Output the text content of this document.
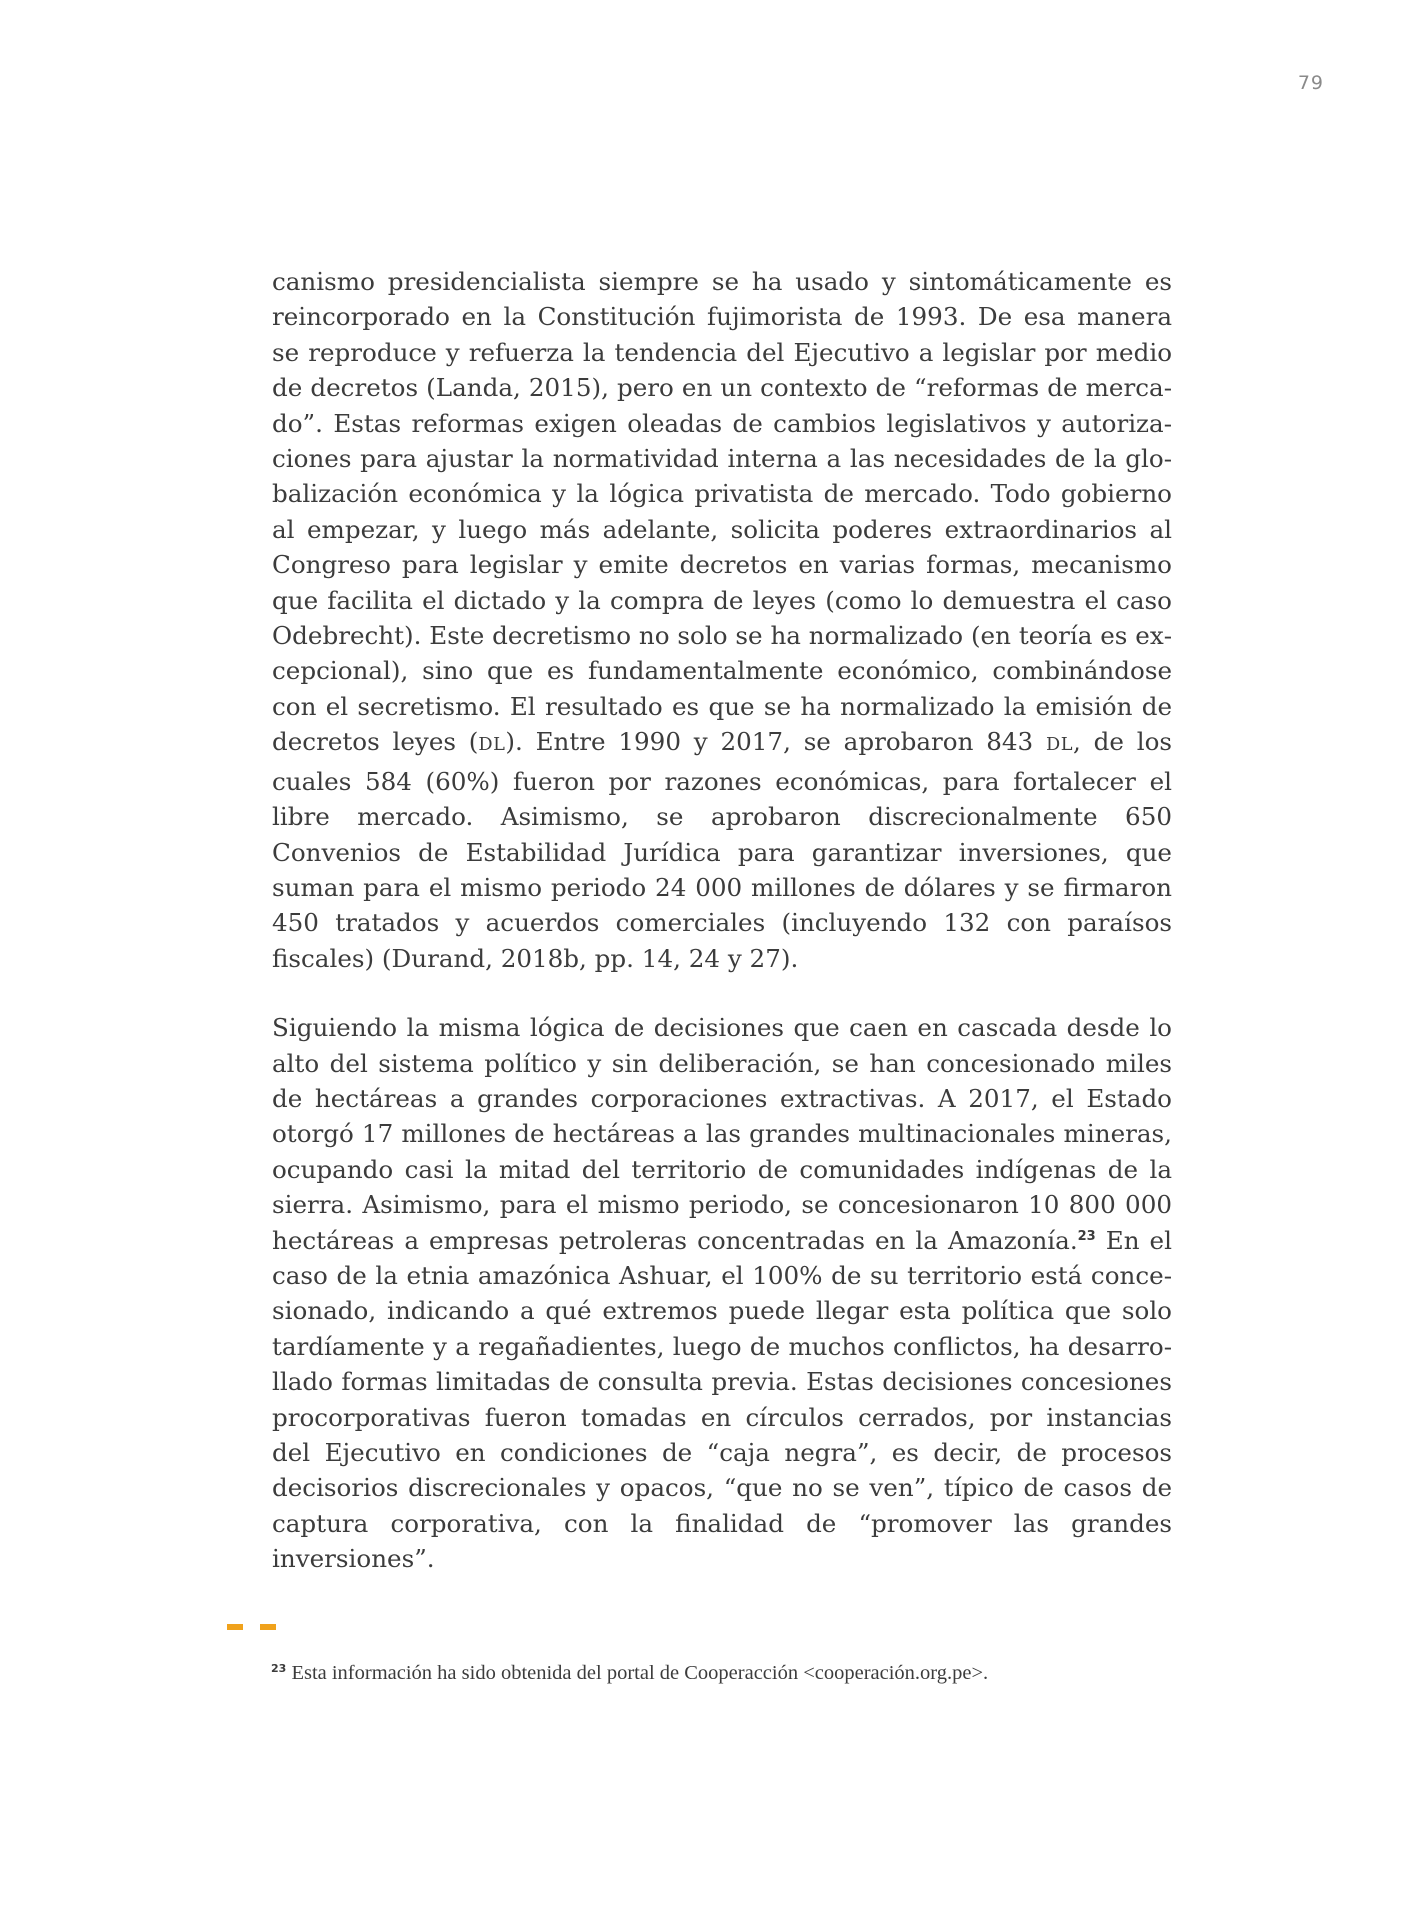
79

canismo presidencialista siempre se ha usado y sintomáticamente es reincorporado en la Constitución fujimorista de 1993. De esa manera se reproduce y refuerza la tendencia del Ejecutivo a legislar por medio de decretos (Landa, 2015), pero en un contexto de “reformas de mercado”. Estas reformas exigen oleadas de cambios legislativos y autorizaciones para ajustar la normatividad interna a las necesidades de la globalización económica y la lógica privatista de mercado. Todo gobierno al empezar, y luego más adelante, solicita poderes extraordinarios al Congreso para legislar y emite decretos en varias formas, mecanismo que facilita el dictado y la compra de leyes (como lo demuestra el caso Odebrecht). Este decretismo no solo se ha normalizado (en teoría es excepcional), sino que es fundamentalmente económico, combinándose con el secretismo. El resultado es que se ha normalizado la emisión de decretos leyes (DL). Entre 1990 y 2017, se aprobaron 843 DL, de los cuales 584 (60%) fueron por razones económicas, para fortalecer el libre mercado. Asimismo, se aprobaron discrecionalmente 650 Convenios de Estabilidad Jurídica para garantizar inversiones, que suman para el mismo periodo 24 000 millones de dólares y se firmaron 450 tratados y acuerdos comerciales (incluyendo 132 con paraísos fiscales) (Durand, 2018b, pp. 14, 24 y 27).

Siguiendo la misma lógica de decisiones que caen en cascada desde lo alto del sistema político y sin deliberación, se han concesionado miles de hectáreas a grandes corporaciones extractivas. A 2017, el Estado otorgó 17 millones de hectáreas a las grandes multinacionales mineras, ocupando casi la mitad del territorio de comunidades indígenas de la sierra. Asimismo, para el mismo periodo, se concesionaron 10 800 000 hectáreas a empresas petroleras concentradas en la Amazonía.$^{23}$ En el caso de la etnia amazónica Ashuar, el 100% de su territorio está concesionado, indicando a qué extremos puede llegar esta política que solo tardíamente y a regañadientes, luego de muchos conflictos, ha desarrollado formas limitadas de consulta previa. Estas decisiones concesiones procorporativas fueron tomadas en círculos cerrados, por instancias del Ejecutivo en condiciones de “caja negra”, es decir, de procesos decisorios discrecionales y opacos, “que no se ven”, típico de casos de captura corporativa, con la finalidad de “promover las grandes inversiones”.

$^{23}$ Esta información ha sido obtenida del portal de Cooperacción <cooperación.org.pe>.
